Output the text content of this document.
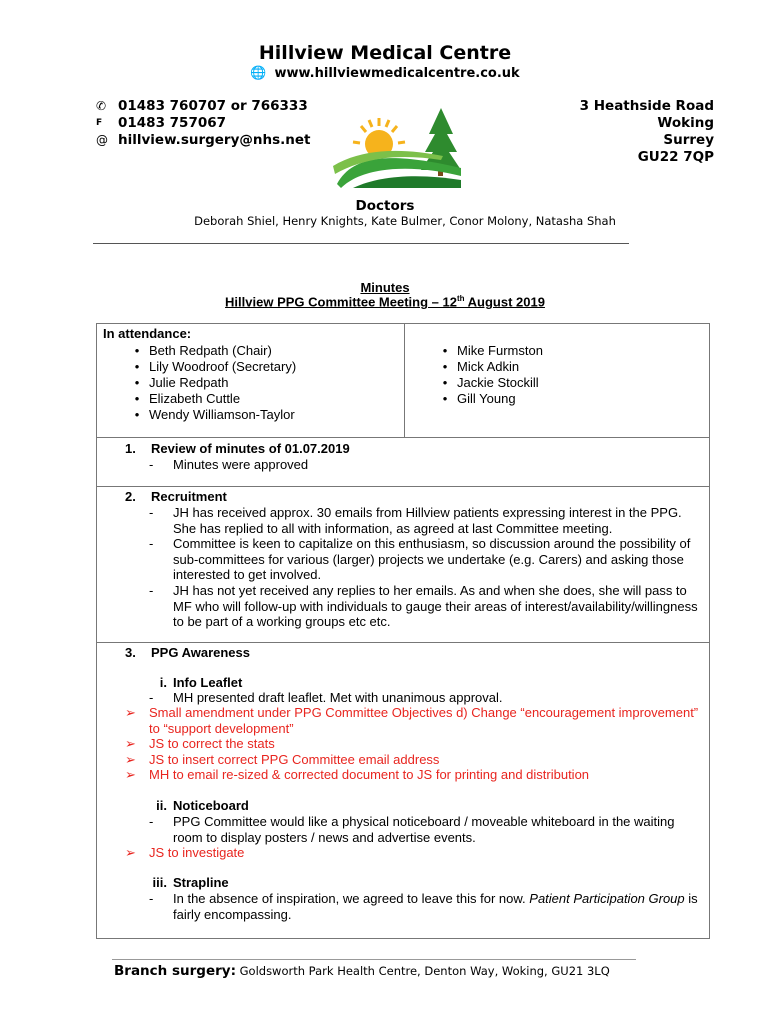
Hillview Medical Centre
🌐 www.hillviewmedicalcentre.co.uk
✆ 01483 760707 or 766333
F	01483 757067
@ hillview.surgery@nhs.net
3 Heathside Road
Woking
Surrey
GU22 7QP
Doctors
Deborah Shiel, Henry Knights, Kate Bulmer, Conor Molony, Natasha Shah
Minutes
Hillview PPG Committee Meeting – 12th August 2019
In attendance:
• Beth Redpath (Chair)
• Lily Woodroof (Secretary)
• Julie Redpath
• Elizabeth Cuttle
• Wendy Williamson-Taylor
• Mike Furmston
• Mick Adkin
• Jackie Stockill
• Gill Young
1. Review of minutes of 01.07.2019
- Minutes were approved
2. Recruitment
- JH has received approx. 30 emails from Hillview patients expressing interest in the PPG. She has replied to all with information, as agreed at last Committee meeting.
- Committee is keen to capitalize on this enthusiasm, so discussion around the possibility of sub-committees for various (larger) projects we undertake (e.g. Carers) and asking those interested to get involved.
- JH has not yet received any replies to her emails. As and when she does, she will pass to MF who will follow-up with individuals to gauge their areas of interest/availability/willingness to be part of a working groups etc etc.
3. PPG Awareness
i. Info Leaflet
- MH presented draft leaflet. Met with unanimous approval.
➢ Small amendment under PPG Committee Objectives d) Change “encouragement improvement” to “support development”
➢ JS to correct the stats
➢ JS to insert correct PPG Committee email address
➢ MH to email re-sized & corrected document to JS for printing and distribution
ii. Noticeboard
- PPG Committee would like a physical noticeboard / moveable whiteboard in the waiting room to display posters / news and advertise events.
➢ JS to investigate
iii. Strapline
- In the absence of inspiration, we agreed to leave this for now. Patient Participation Group is fairly encompassing.
Branch surgery: Goldsworth Park Health Centre, Denton Way, Woking, GU21 3LQ
